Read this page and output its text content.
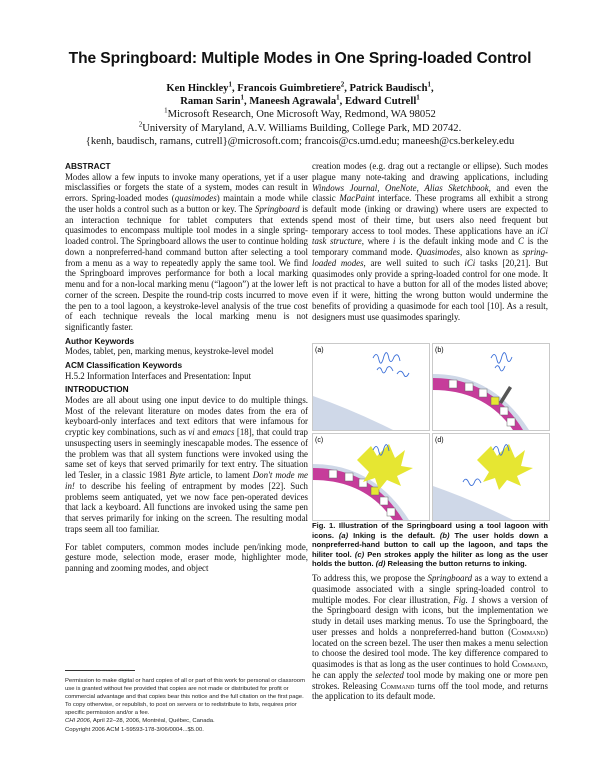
The Springboard: Multiple Modes in One Spring-loaded Control
Ken Hinckley$^1$, Francois Guimbretiere$^2$, Patrick Baudisch$^1$,
Raman Sarin$^1$, Maneesh Agrawala$^1$, Edward Cutrell$^1$
$^1$Microsoft Research, One Microsoft Way, Redmond, WA 98052
$^2$University of Maryland, A.V. Williams Building, College Park, MD 20742.
{kenh, baudisch, ramans, cutrell}@microsoft.com; francois@cs.umd.edu; maneesh@cs.berkeley.edu
ABSTRACT

Modes allow a few inputs to invoke many operations, yet if a user misclassifies or forgets the state of a system, modes can result in errors. Spring-loaded modes (quasimodes) maintain a mode while the user holds a control such as a button or key. The Springboard is an interaction technique for tablet computers that extends quasimodes to encompass multiple tool modes in a single spring-loaded control. The Springboard allows the user to continue holding down a nonpreferred-hand command button after selecting a tool from a menu as a way to repeatedly apply the same tool. We find the Springboard improves performance for both a local marking menu and for a non-local marking menu (“lagoon”) at the lower left corner of the screen. Despite the round-trip costs incurred to move the pen to a tool lagoon, a keystroke-level analysis of the true cost of each technique reveals the local marking menu is not significantly faster.

Author Keywords

Modes, tablet, pen, marking menus, keystroke-level model

ACM Classification Keywords

H.5.2 Information Interfaces and Presentation: Input

INTRODUCTION

Modes are all about using one input device to do multiple things. Most of the relevant literature on modes dates from the era of keyboard-only interfaces and text editors that were infamous for cryptic key combinations, such as vi and emacs [18], that could trap unsuspecting users in seemingly inescapable modes. The essence of the problem was that all system functions were invoked using the same set of keys that served primarily for text entry. The situation led Tesler, in a classic 1981 Byte article, to lament Don't mode me in! to describe his feeling of entrapment by modes [22]. Such problems seem antiquated, yet we now face pen-operated devices that lack a keyboard. All functions are invoked using the same pen that serves primarily for inking on the screen. The resulting modal traps seem all too familiar.

For tablet computers, common modes include pen/inking mode, gesture mode, selection mode, eraser mode, highlighter mode, panning and zooming modes, and object

Permission to make digital or hard copies of all or part of this work for personal or classroom use is granted without fee provided that copies are not made or distributed for profit or commercial advantage and that copies bear this notice and the full citation on the first page. To copy otherwise, or republish, to post on servers or to redistribute to lists, requires prior specific permission and/or a fee.
CHI 2006, April 22–28, 2006, Montréal, Québec, Canada.
Copyright 2006 ACM 1-59593-178-3/06/0004...$5.00.

creation modes (e.g. drag out a rectangle or ellipse). Such modes plague many note-taking and drawing applications, including Windows Journal, OneNote, Alias Sketchbook, and even the classic MacPaint interface. These programs all exhibit a strong default mode (inking or drawing) where users are expected to spend most of their time, but users also need frequent but temporary access to tool modes. These applications have an iCi task structure, where i is the default inking mode and C is the temporary command mode. Quasimodes, also known as spring-loaded modes, are well suited to such iCi tasks [20,21]. But quasimodes only provide a spring-loaded control for one mode. It is not practical to have a button for all of the modes listed above; even if it were, hitting the wrong button would undermine the benefits of providing a quasimode for each tool [10]. As a result, designers must use quasimodes sparingly.

(a)	(b)
(c)	(d)
Fig. 1. Illustration of the Springboard using a tool lagoon with icons. (a) Inking is the default. (b) The user holds down a nonpreferred-hand button to call up the lagoon, and taps the hiliter tool. (c) Pen strokes apply the hiliter as long as the user holds the button. (d) Releasing the button returns to inking.

To address this, we propose the Springboard as a way to extend a quasimode associated with a single spring-loaded control to multiple modes. For clear illustration, Fig. 1 shows a version of the Springboard design with icons, but the implementation we study in detail uses marking menus. To use the Springboard, the user presses and holds a nonpreferred-hand button (Command) located on the screen bezel. The user then makes a menu selection to choose the desired tool mode. The key difference compared to quasimodes is that as long as the user continues to hold Command, he can apply the selected tool mode by making one or more pen strokes. Releasing Command turns off the tool mode, and returns the application to its default mode.
